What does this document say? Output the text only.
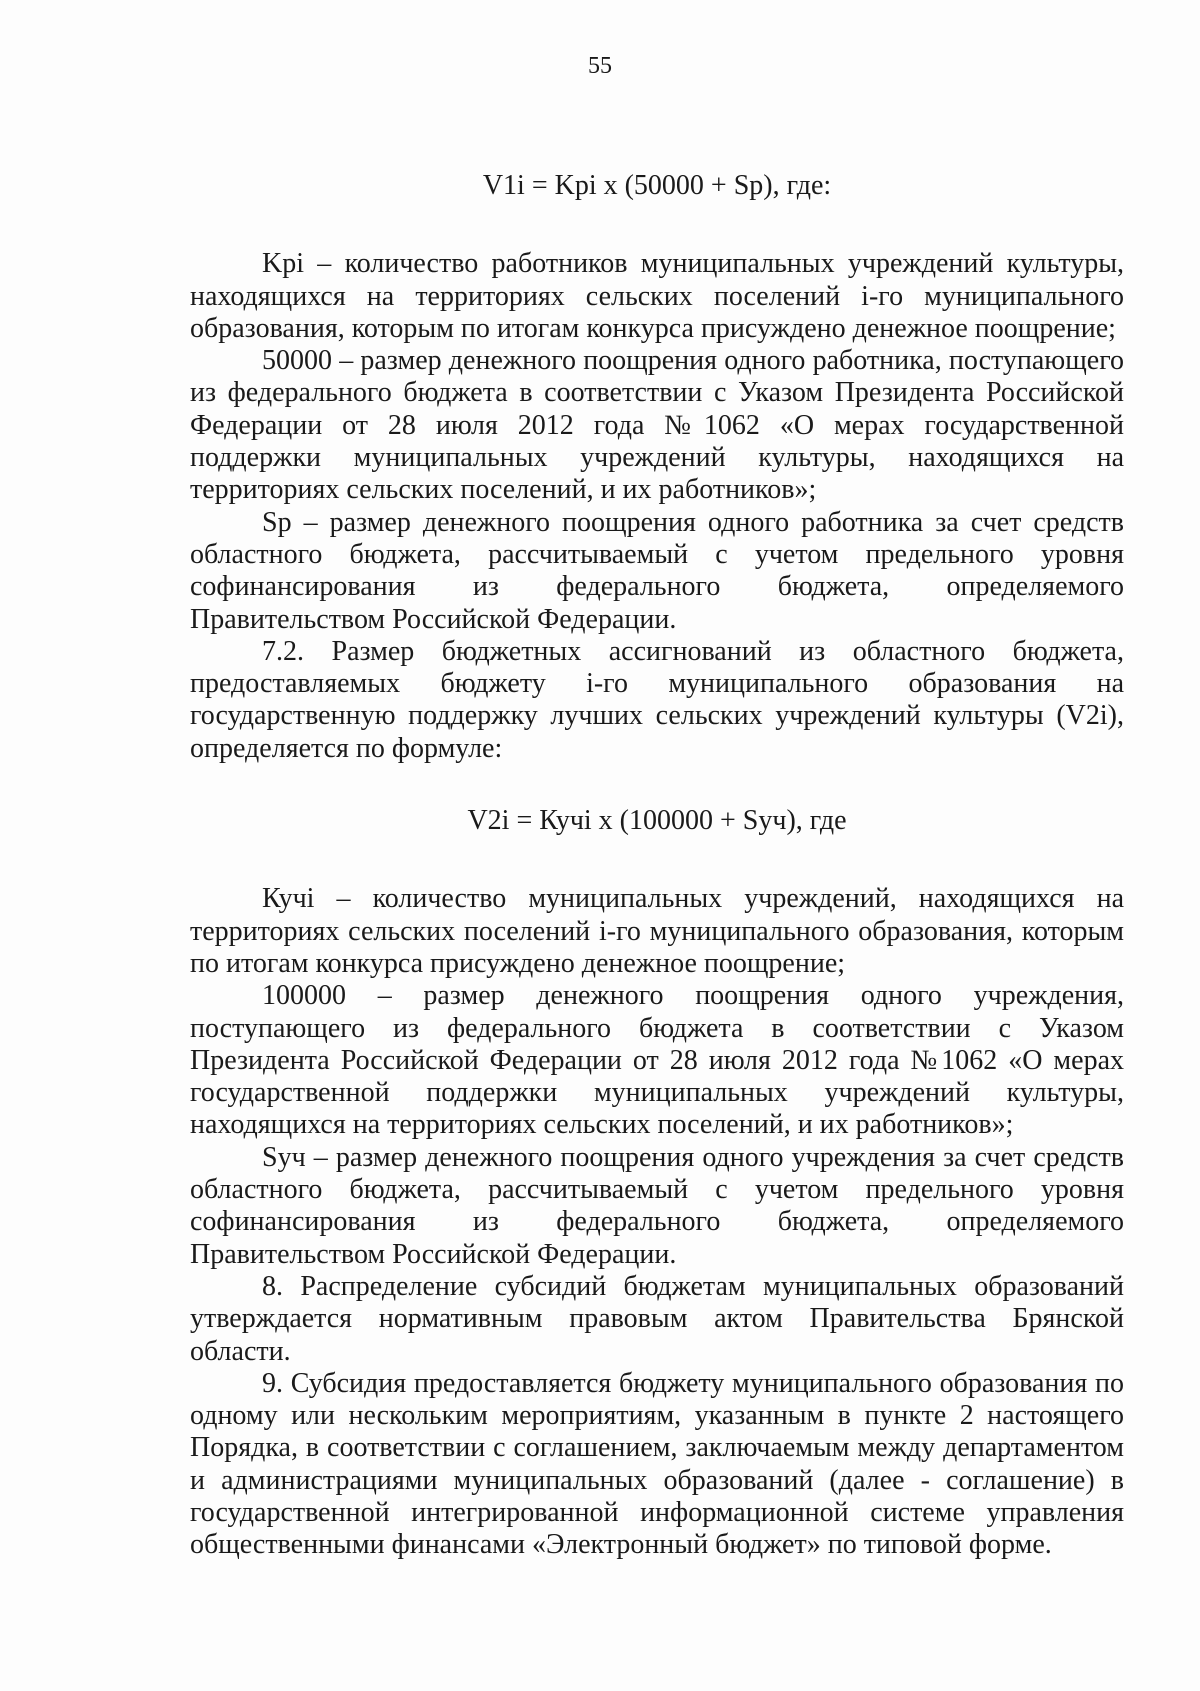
55

V1i = Kpi x (50000 + Sp), где:

Kpi – количество работников муниципальных учреждений культуры, находящихся на территориях сельских поселений i-го муниципального образования, которым по итогам конкурса присуждено денежное поощрение;

50000 – размер денежного поощрения одного работника, поступающего из федерального бюджета в соответствии с Указом Президента Российской Федерации от 28 июля 2012 года №1062 «О мерах государственной поддержки муниципальных учреждений культуры, находящихся на территориях сельских поселений, и их работников»;

Sp – размер денежного поощрения одного работника за счет средств областного бюджета, рассчитываемый с учетом предельного уровня софинансирования из федерального бюджета, определяемого Правительством Российской Федерации.

7.2. Размер бюджетных ассигнований из областного бюджета, предоставляемых бюджету i-го муниципального образования на государственную поддержку лучших сельских учреждений культуры (V2i), определяется по формуле:

V2i = Кучi x (100000 + Sуч), где

Кучi – количество муниципальных учреждений, находящихся на территориях сельских поселений i-го муниципального образования, которым по итогам конкурса присуждено денежное поощрение;

100000 – размер денежного поощрения одного учреждения, поступающего из федерального бюджета в соответствии с Указом Президента Российской Федерации от 28 июля 2012 года №1062 «О мерах государственной поддержки муниципальных учреждений культуры, находящихся на территориях сельских поселений, и их работников»;

Sуч – размер денежного поощрения одного учреждения за счет средств областного бюджета, рассчитываемый с учетом предельного уровня софинансирования из федерального бюджета, определяемого Правительством Российской Федерации.

8. Распределение субсидий бюджетам муниципальных образований утверждается нормативным правовым актом Правительства Брянской области.

9. Субсидия предоставляется бюджету муниципального образования по одному или нескольким мероприятиям, указанным в пункте 2 настоящего Порядка, в соответствии с соглашением, заключаемым между департаментом и администрациями муниципальных образований (далее - соглашение) в государственной интегрированной информационной системе управления общественными финансами «Электронный бюджет» по типовой форме.
